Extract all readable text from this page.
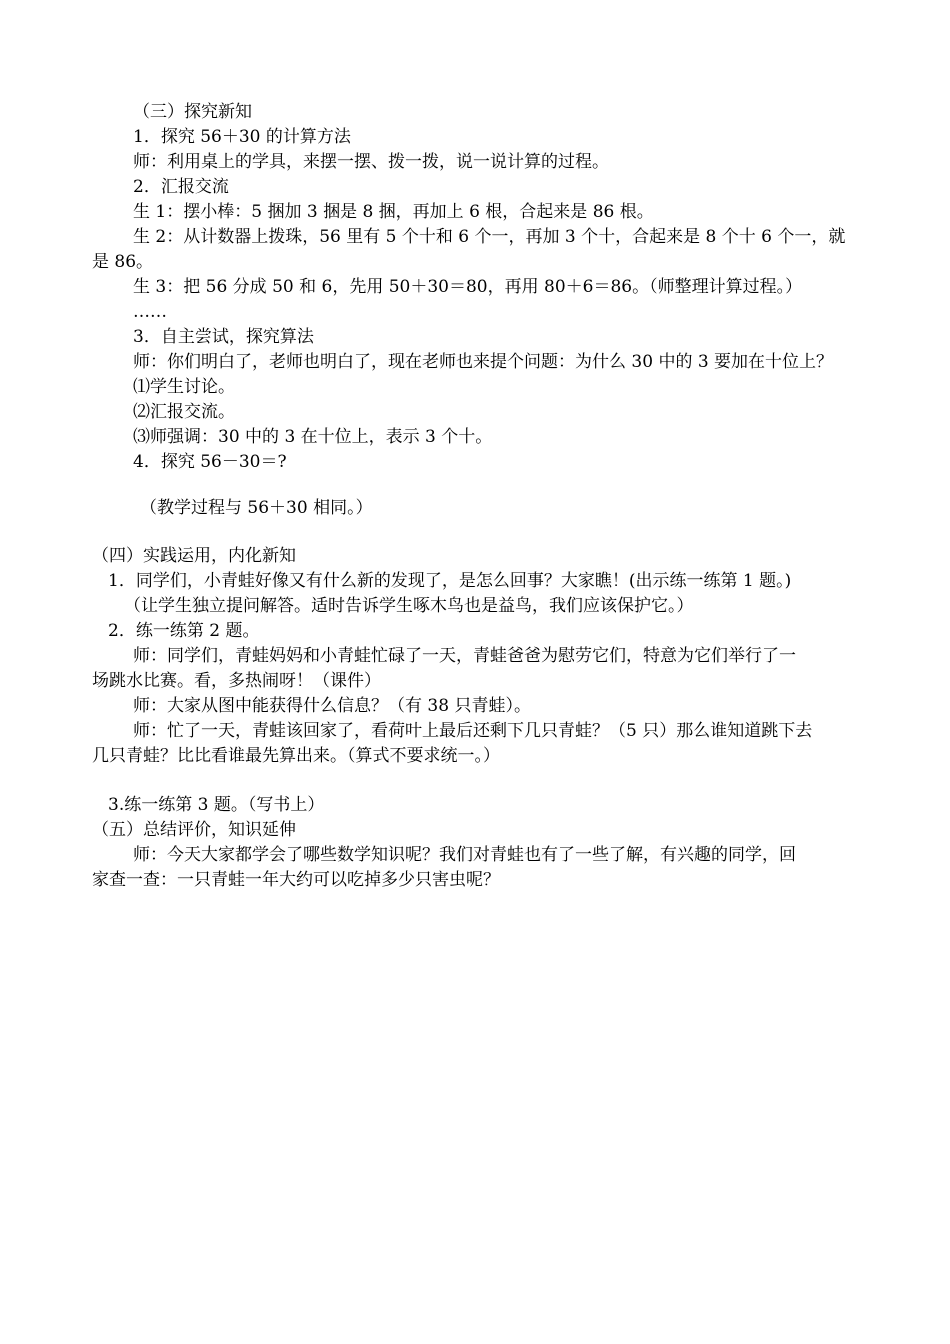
（三）探究新知
1．探究 56＋30 的计算方法
师：利用桌上的学具，来摆一摆、拨一拨，说一说计算的过程。
2．汇报交流
生 1：摆小棒：5 捆加 3 捆是 8 捆，再加上 6 根，合起来是 86 根。
生 2：从计数器上拨珠，56 里有 5 个十和 6 个一，再加 3 个十，合起来是 8 个十 6 个一，就
是 86。
生 3：把 56 分成 50 和 6，先用 50＋30＝80，再用 80＋6＝86。（师整理计算过程。）
……
3．自主尝试，探究算法
师：你们明白了，老师也明白了，现在老师也来提个问题：为什么 30 中的 3 要加在十位上？
⑴学生讨论。
⑵汇报交流。
⑶师强调：30 中的 3 在十位上，表示 3 个十。
4．探究 56－30＝?
（教学过程与 56＋30 相同。）
（四）实践运用，内化新知
1．同学们，小青蛙好像又有什么新的发现了，是怎么回事？大家瞧！(出示练一练第 1 题。)
（让学生独立提问解答。适时告诉学生啄木鸟也是益鸟，我们应该保护它。）
2．练一练第 2 题。
师：同学们，青蛙妈妈和小青蛙忙碌了一天，青蛙爸爸为慰劳它们，特意为它们举行了一
场跳水比赛。看，多热闹呀！（课件）
师：大家从图中能获得什么信息？（有 38 只青蛙）。
师：忙了一天，青蛙该回家了，看荷叶上最后还剩下几只青蛙？（5 只）那么谁知道跳下去
几只青蛙？比比看谁最先算出来。（算式不要求统一。）
3.练一练第 3 题。（写书上）
（五）总结评价，知识延伸
师：今天大家都学会了哪些数学知识呢？我们对青蛙也有了一些了解，有兴趣的同学，回
家查一查：一只青蛙一年大约可以吃掉多少只害虫呢？
